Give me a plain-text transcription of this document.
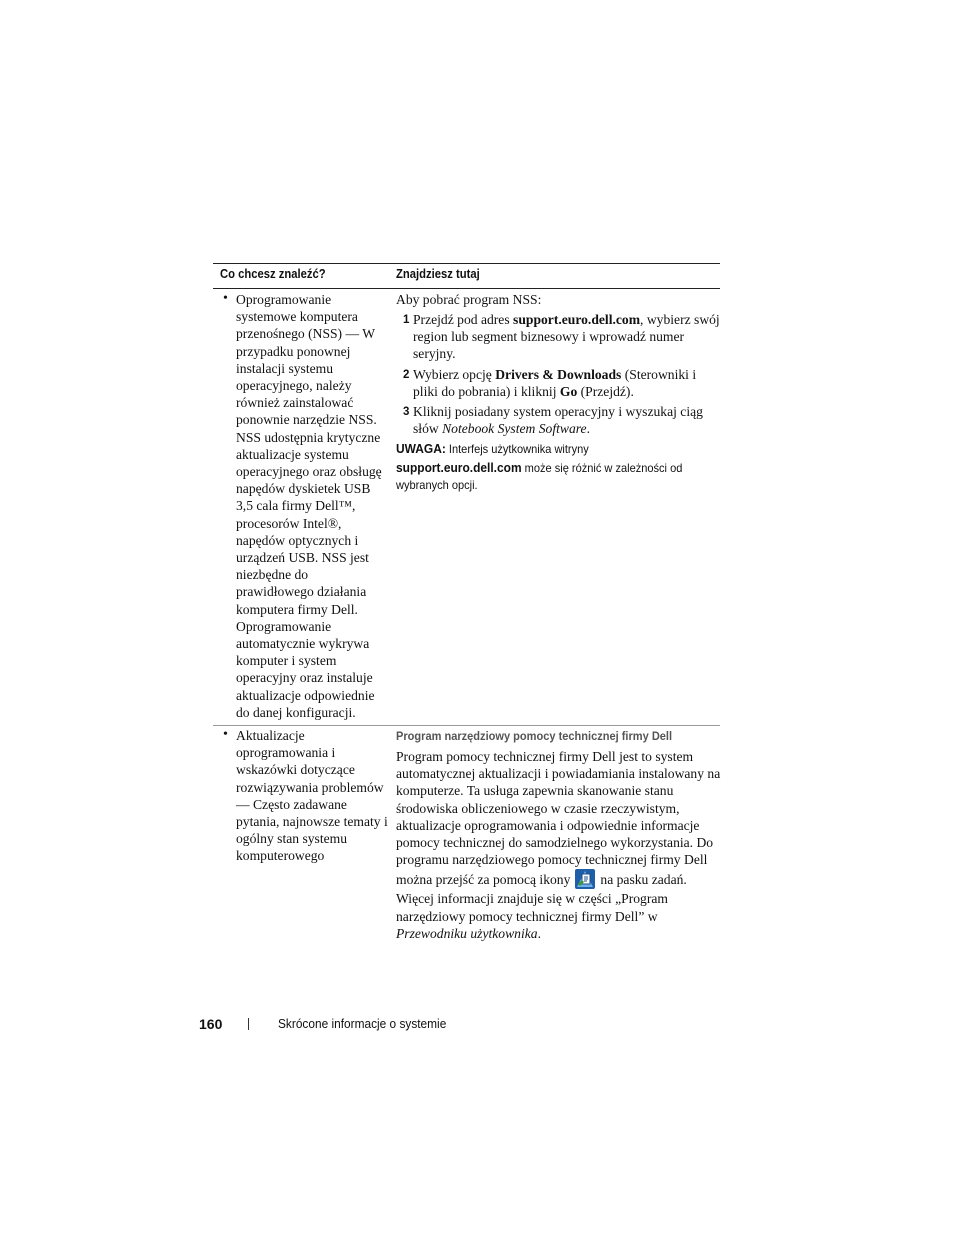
Co chcesz znaleźć?	Znajdziesz tutaj
• Oprogramowanie systemowe komputera przenośnego (NSS) — W przypadku ponownej instalacji systemu operacyjnego, należy również zainstalować ponownie narzędzie NSS. NSS udostępnia krytyczne aktualizacje systemu operacyjnego oraz obsługę napędów dyskietek USB 3,5 cala firmy Dell™, procesorów Intel®, napędów optycznych i urządzeń USB. NSS jest niezbędne do prawidłowego działania komputera firmy Dell. Oprogramowanie automatycznie wykrywa komputer i system operacyjny oraz instaluje aktualizacje odpowiednie do danej konfiguracji.
Aby pobrać program NSS:
1 Przejdź pod adres support.euro.dell.com, wybierz swój region lub segment biznesowy i wprowadź numer seryjny.
2 Wybierz opcję Drivers & Downloads (Sterowniki i pliki do pobrania) i kliknij Go (Przejdź).
3 Kliknij posiadany system operacyjny i wyszukaj ciąg słów Notebook System Software.
UWAGA: Interfejs użytkownika witryny support.euro.dell.com może się różnić w zależności od wybranych opcji.
• Aktualizacje oprogramowania i wskazówki dotyczące rozwiązywania problemów — Często zadawane pytania, najnowsze tematy i ogólny stan systemu komputerowego
Program narzędziowy pomocy technicznej firmy Dell
Program pomocy technicznej firmy Dell jest to system automatycznej aktualizacji i powiadamiania instalowany na komputerze. Ta usługa zapewnia skanowanie stanu środowiska obliczeniowego w czasie rzeczywistym, aktualizacje oprogramowania i odpowiednie informacje pomocy technicznej do samodzielnego wykorzystania. Do programu narzędziowego pomocy technicznej firmy Dell można przejść za pomocą ikony na pasku zadań. Więcej informacji znajduje się w części „Program narzędziowy pomocy technicznej firmy Dell” w Przewodniku użytkownika.
160	Skrócone informacje o systemie
